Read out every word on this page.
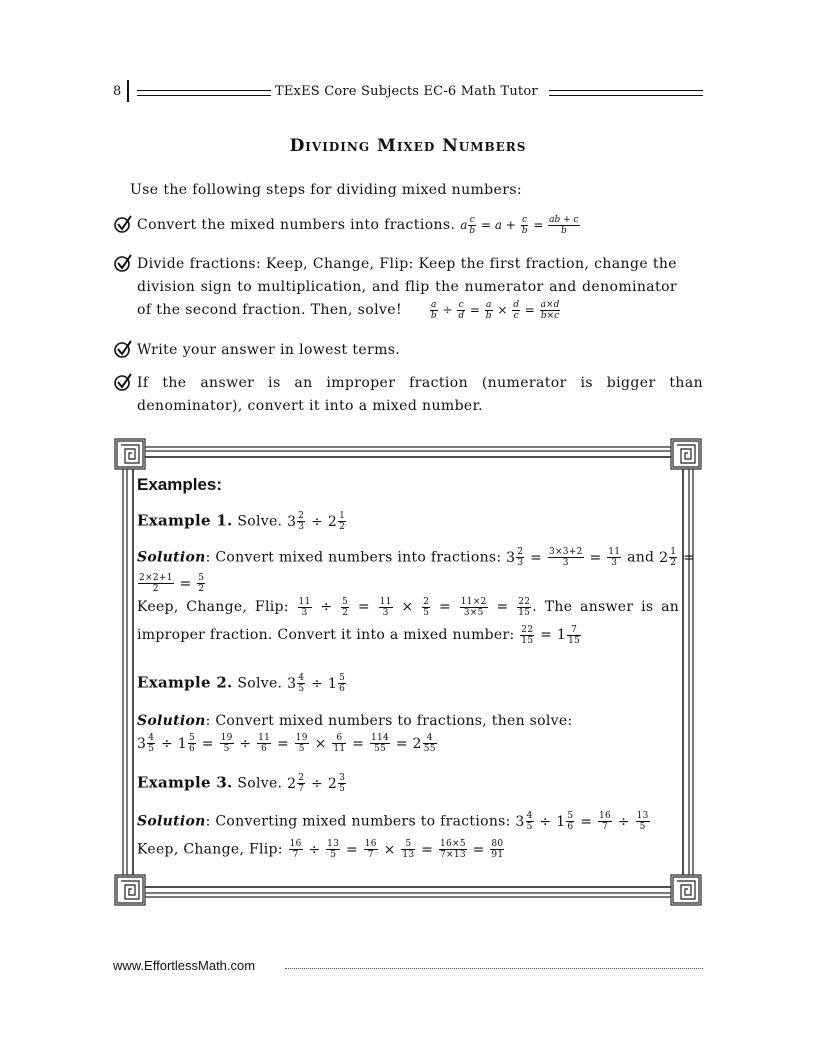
8	TExES Core Subjects EC-6 Math Tutor
Dividing Mixed Numbers
Use the following steps for dividing mixed numbers:
Convert the mixed numbers into fractions. a $\frac{c}{b} = a + \frac{c}{b} = \frac{ab + c}{b}$
Divide fractions: Keep, Change, Flip: Keep the first fraction, change the division sign to multiplication, and flip the numerator and denominator of the second fraction. Then, solve!	$\frac{a}{b} \div \frac{c}{d} = \frac{a}{b} \times \frac{d}{c} = \frac{a\times d}{b\times c}$
Write your answer in lowest terms.
If the answer is an improper fraction (numerator is bigger than denominator), convert it into a mixed number.
Examples:
Example 1. Solve. $3 \frac{2}{3} \div 2 \frac{1}{2}$
Solution: Convert mixed numbers into fractions: $3 \frac{2}{3} = \frac{3\times 3+2}{3} = \frac{11}{3}$ and $2 \frac{1}{2}$ =
$\frac{2\times 2+1}{2} = \frac{5}{2}$
Keep, Change, Flip: $\frac{11}{3} \div \frac{5}{2} = \frac{11}{3} \times \frac{2}{5} = \frac{11\times 2}{3\times 5} = \frac{22}{15}$ . The answer is an improper fraction. Convert it into a mixed number: $\frac{22}{15} = 1 \frac{7}{15}$
Example 2. Solve. $3 \frac{4}{5} \div 1 \frac{5}{6}$
Solution: Convert mixed numbers to fractions, then solve:
$3 \frac{4}{5} \div 1 \frac{5}{6} = \frac{19}{5} \div \frac{11}{6} = \frac{19}{5} \times \frac{6}{11} = \frac{114}{55} = 2 \frac{4}{55}$
Example 3. Solve. $2 \frac{2}{7} \div 2 \frac{3}{5}$
Solution: Converting mixed numbers to fractions: $3 \frac{4}{5} \div 1 \frac{5}{6} = \frac{16}{7} \div \frac{13}{5}$
Keep, Change, Flip: $\frac{16}{7} \div \frac{13}{5} = \frac{16}{7} \times \frac{5}{13} = \frac{16\times 5}{7\times 13} = \frac{80}{91}$
www.EffortlessMath.com
